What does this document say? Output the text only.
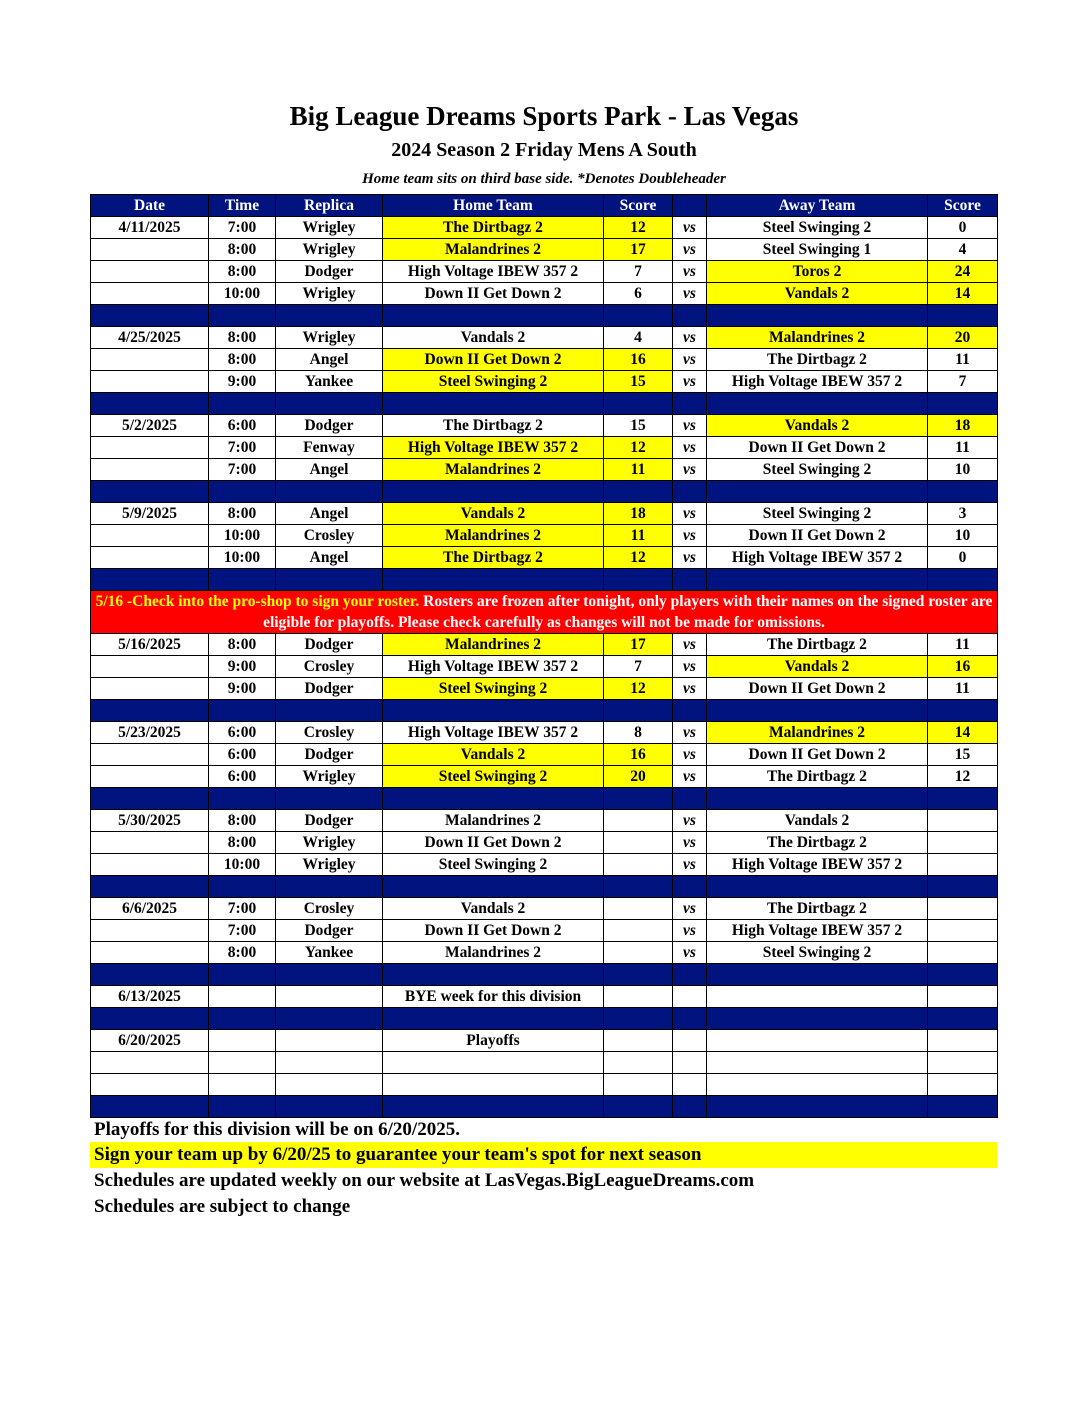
Big League Dreams Sports Park - Las Vegas
2024 Season 2 Friday Mens A South
Home team sits on third base side. *Denotes Doubleheader
Date	Time	Replica	Home Team	Score		Away Team	Score
4/11/2025	7:00	Wrigley	The Dirtbagz 2	12	vs	Steel Swinging 2	0
	8:00	Wrigley	Malandrines 2	17	vs	Steel Swinging 1	4
	8:00	Dodger	High Voltage IBEW 357 2	7	vs	Toros 2	24
	10:00	Wrigley	Down II Get Down 2	6	vs	Vandals 2	14

4/25/2025	8:00	Wrigley	Vandals 2	4	vs	Malandrines 2	20
	8:00	Angel	Down II Get Down 2	16	vs	The Dirtbagz 2	11
	9:00	Yankee	Steel Swinging 2	15	vs	High Voltage IBEW 357 2	7

5/2/2025	6:00	Dodger	The Dirtbagz 2	15	vs	Vandals 2	18
	7:00	Fenway	High Voltage IBEW 357 2	12	vs	Down II Get Down 2	11
	7:00	Angel	Malandrines 2	11	vs	Steel Swinging 2	10

5/9/2025	8:00	Angel	Vandals 2	18	vs	Steel Swinging 2	3
	10:00	Crosley	Malandrines 2	11	vs	Down II Get Down 2	10
	10:00	Angel	The Dirtbagz 2	12	vs	High Voltage IBEW 357 2	0

5/16 -Check into the pro-shop to sign your roster. Rosters are frozen after tonight, only players with their names on the signed roster are eligible for playoffs. Please check carefully as changes will not be made for omissions.							
5/16/2025	8:00	Dodger	Malandrines 2	17	vs	The Dirtbagz 2	11
	9:00	Crosley	High Voltage IBEW 357 2	7	vs	Vandals 2	16
	9:00	Dodger	Steel Swinging 2	12	vs	Down II Get Down 2	11

5/23/2025	6:00	Crosley	High Voltage IBEW 357 2	8	vs	Malandrines 2	14
	6:00	Dodger	Vandals 2	16	vs	Down II Get Down 2	15
	6:00	Wrigley	Steel Swinging 2	20	vs	The Dirtbagz 2	12

5/30/2025	8:00	Dodger	Malandrines 2		vs	Vandals 2	
	8:00	Wrigley	Down II Get Down 2		vs	The Dirtbagz 2	
	10:00	Wrigley	Steel Swinging 2		vs	High Voltage IBEW 357 2	

6/6/2025	7:00	Crosley	Vandals 2		vs	The Dirtbagz 2	
	7:00	Dodger	Down II Get Down 2		vs	High Voltage IBEW 357 2	
	8:00	Yankee	Malandrines 2		vs	Steel Swinging 2	

6/13/2025			BYE week for this division				

6/20/2025			Playoffs				

Playoffs for this division will be on 6/20/2025.
Sign your team up by 6/20/25 to guarantee your team's spot for next season
Schedules are updated weekly on our website at LasVegas.BigLeagueDreams.com
Schedules are subject to change
